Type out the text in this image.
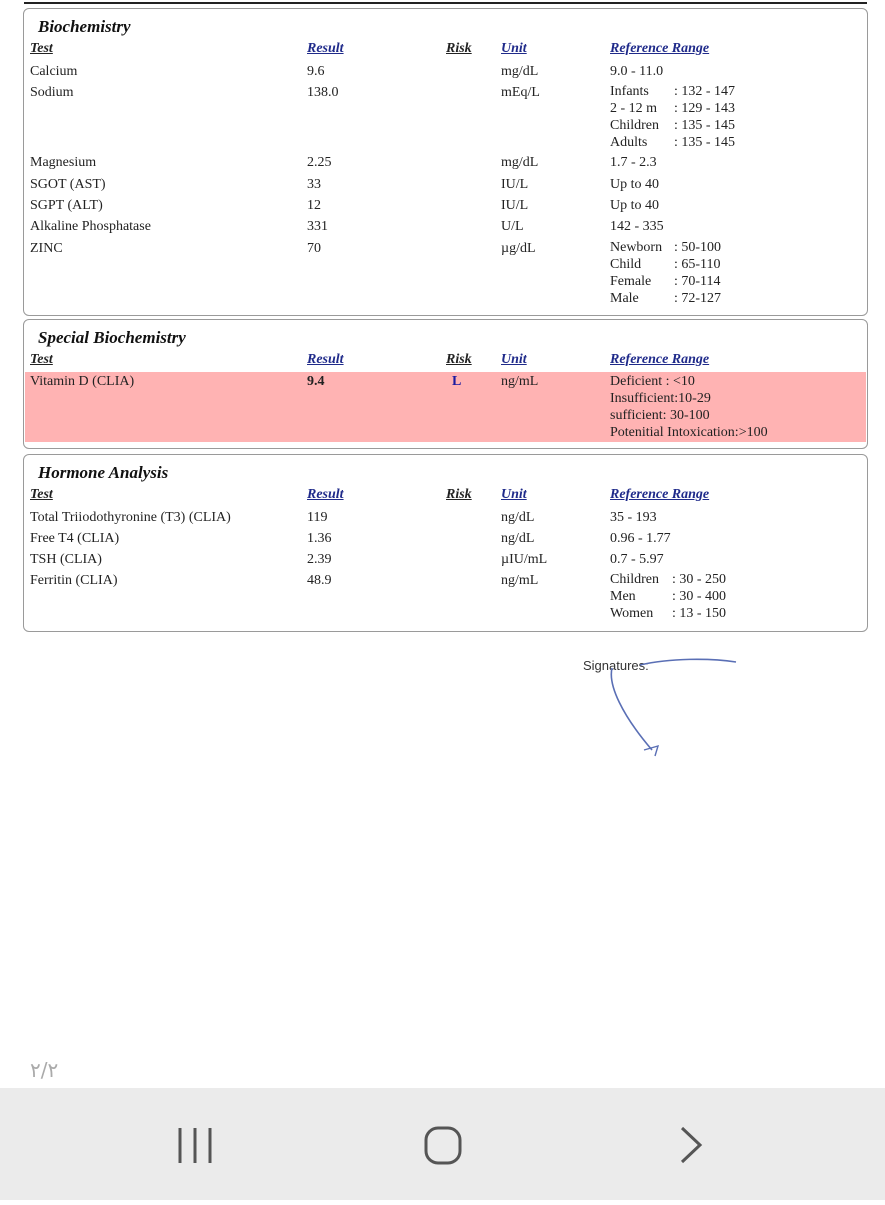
Biochemistry
Test	Result	Risk Unit	Reference Range
Calcium	9.6	mg/dL	9.0 - 11.0
Sodium	138.0	mEq/L	Infants : 132 - 147
2 - 12 m : 129 - 143
Children : 135 - 145
Adults : 135 - 145
Magnesium	2.25	mg/dL	1.7 - 2.3
SGOT (AST)	33	IU/L	Up to 40
SGPT (ALT)	12	IU/L	Up to 40
Alkaline Phosphatase	331	U/L	142 - 335
ZINC	70	µg/dL	Newborn : 50-100
Child : 65-110
Female : 70-114
Male	: 72-127
Special Biochemistry
Test	Result	Risk Unit	Reference Range
Vitamin D (CLIA)	9.4	L	ng/mL	Deficient : <10
Insufficient:10-29
sufficient: 30-100
Potenitial Intoxication:>100
Hormone Analysis
Test	Result	Risk Unit	Reference Range
Total Triiodothyronine (T3) (CLIA)	119	ng/dL	35 - 193
Free T4 (CLIA)	1.36	ng/dL	0.96 - 1.77
TSH (CLIA)	2.39	µIU/mL	0.7 - 5.97
Ferritin (CLIA)	48.9	ng/mL	Children : 30 - 250
Men	: 30 - 400
Women : 13 - 150
Signatures:
٢/٢
